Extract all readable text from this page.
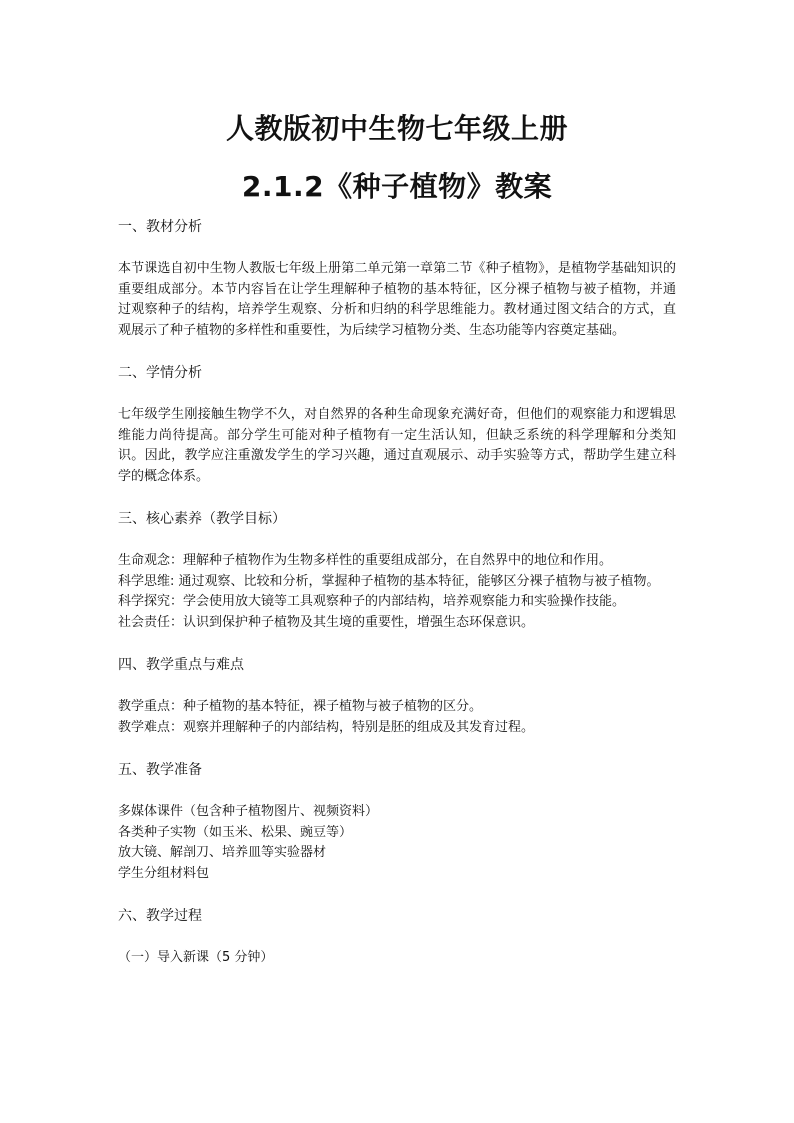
人教版初中生物七年级上册
2.1.2《种子植物》教案

一、教材分析

本节课选自初中生物人教版七年级上册第二单元第一章第二节《种子植物》，是植物学基础知识的重要组成部分。本节内容旨在让学生理解种子植物的基本特征，区分裸子植物与被子植物，并通过观察种子的结构，培养学生观察、分析和归纳的科学思维能力。教材通过图文结合的方式，直观展示了种子植物的多样性和重要性，为后续学习植物分类、生态功能等内容奠定基础。

二、学情分析

七年级学生刚接触生物学不久，对自然界的各种生命现象充满好奇，但他们的观察能力和逻辑思维能力尚待提高。部分学生可能对种子植物有一定生活认知，但缺乏系统的科学理解和分类知识。因此，教学应注重激发学生的学习兴趣，通过直观展示、动手实验等方式，帮助学生建立科学的概念体系。

三、核心素养（教学目标）

生命观念：理解种子植物作为生物多样性的重要组成部分，在自然界中的地位和作用。

科学思维: 通过观察、比较和分析，掌握种子植物的基本特征，能够区分裸子植物与被子植物。

科学探究：学会使用放大镜等工具观察种子的内部结构，培养观察能力和实验操作技能。

社会责任：认识到保护种子植物及其生境的重要性，增强生态环保意识。

四、教学重点与难点

教学重点：种子植物的基本特征，裸子植物与被子植物的区分。

教学难点：观察并理解种子的内部结构，特别是胚的组成及其发育过程。

五、教学准备

多媒体课件（包含种子植物图片、视频资料）

各类种子实物（如玉米、松果、豌豆等）

放大镜、解剖刀、培养皿等实验器材

学生分组材料包

六、教学过程

（一）导入新课（5 分钟）
